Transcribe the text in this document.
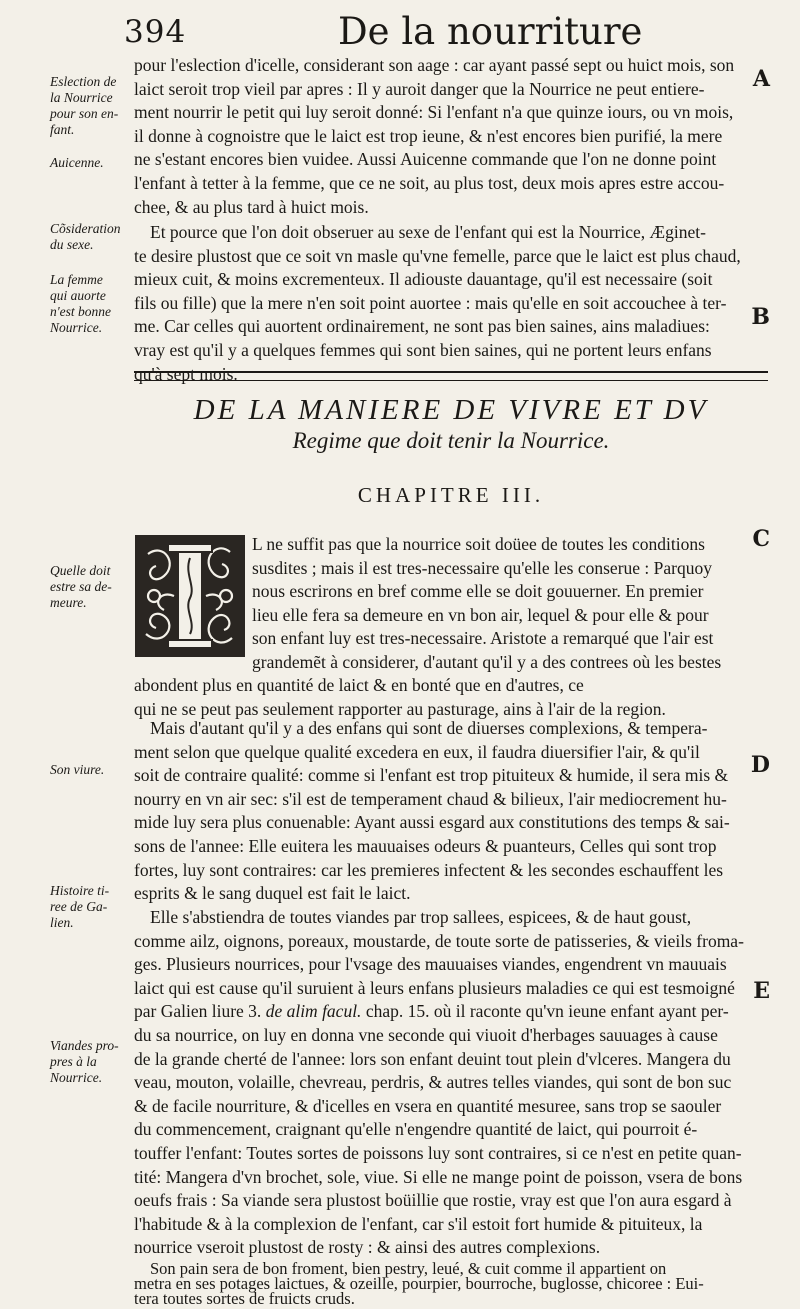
394	De la nourriture
A
B
C
D
E
Eslection de
la Nourrice
pour son en-
fant.
Auicenne.
Cõsideration
du sexe.
La femme
qui auorte
n'est bonne
Nourrice.
Quelle doit
estre sa de-
meure.
Son viure.
Histoire ti-
ree de Ga-
lien.
Viandes pro-
pres à la
Nourrice.
pour l'eslection d'icelle, considerant son aage : car ayant passé sept ou huict mois, son
laict seroit trop vieil par apres : Il y auroit danger que la Nourrice ne peut entiere-
ment nourrir le petit qui luy seroit donné: Si l'enfant n'a que quinze iours, ou vn mois,
il donne à cognoistre que le laict est trop ieune, & n'est encores bien purifié, la mere
ne s'estant encores bien vuidee. Aussi Auicenne commande que l'on ne donne point
l'enfant à tetter à la femme, que ce ne soit, au plus tost, deux mois apres estre accou-
chee, & au plus tard à huict mois.
Et pource que l'on doit obseruer au sexe de l'enfant qui est la Nourrice, Æginet-
te desire plustost que ce soit vn masle qu'vne femelle, parce que le laict est plus chaud,
mieux cuit, & moins excrementeux. Il adiouste dauantage, qu'il est necessaire (soit
fils ou fille) que la mere n'en soit point auortee : mais qu'elle en soit accouchee à ter-
me. Car celles qui auortent ordinairement, ne sont pas bien saines, ains maladiues:
vray est qu'il y a quelques femmes qui sont bien saines, qui ne portent leurs enfans
qu'à sept mois.
DE LA MANIERE DE VIVRE ET DV
Regime que doit tenir la Nourrice.
CHAPITRE III.
L ne suffit pas que la nourrice soit doüee de toutes les conditions
susdites ; mais il est tres-necessaire qu'elle les conserue : Parquoy
nous escrirons en bref comme elle se doit gouuerner. En premier
lieu elle fera sa demeure en vn bon air, lequel & pour elle & pour
son enfant luy est tres-necessaire. Aristote a remarqué que l'air est
grandemẽt à considerer, d'autant qu'il y a des contrees où les bestes
abondent plus en quantité de laict & en bonté que en d'autres, ce
qui ne se peut pas seulement rapporter au pasturage, ains à l'air de la region.
Mais d'autant qu'il y a des enfans qui sont de diuerses complexions, & tempera-
ment selon que quelque qualité excedera en eux, il faudra diuersifier l'air, & qu'il
soit de contraire qualité: comme si l'enfant est trop pituiteux & humide, il sera mis &
nourry en vn air sec: s'il est de temperament chaud & bilieux, l'air mediocrement hu-
mide luy sera plus conuenable: Ayant aussi esgard aux constitutions des temps & sai-
sons de l'annee: Elle euitera les mauuaises odeurs & puanteurs, Celles qui sont trop
fortes, luy sont contraires: car les premieres infectent & les secondes eschauffent les
esprits & le sang duquel est fait le laict.
Elle s'abstiendra de toutes viandes par trop sallees, espicees, & de haut goust,
comme ailz, oignons, poreaux, moustarde, de toute sorte de patisseries, & vieils froma-
ges. Plusieurs nourrices, pour l'vsage des mauuaises viandes, engendrent vn mauuais
laict qui est cause qu'il suruient à leurs enfans plusieurs maladies ce qui est tesmoigné
par Galien liure 3. de alim facul. chap. 15. où il raconte qu'vn ieune enfant ayant per-
du sa nourrice, on luy en donna vne seconde qui viuoit d'herbages sauuages à cause
de la grande cherté de l'annee: lors son enfant deuint tout plein d'vlceres. Mangera du
veau, mouton, volaille, chevreau, perdris, & autres telles viandes, qui sont de bon suc
& de facile nourriture, & d'icelles en vsera en quantité mesuree, sans trop se saouler
du commencement, craignant qu'elle n'engendre quantité de laict, qui pourroit é-
touffer l'enfant: Toutes sortes de poissons luy sont contraires, si ce n'est en petite quan-
tité: Mangera d'vn brochet, sole, viue. Si elle ne mange point de poisson, vsera de bons
oeufs frais : Sa viande sera plustost boüillie que rostie, vray est que l'on aura esgard à
l'habitude & à la complexion de l'enfant, car s'il estoit fort humide & pituiteux, la
nourrice vseroit plustost de rosty : & ainsi des autres complexions.
Son pain sera de bon froment, bien pestry, leué, & cuit comme il appartient on
metra en ses potages laictues, & ozeille, pourpier, bourroche, buglosse, chicoree : Eui-
tera toutes sortes de fruicts cruds.
